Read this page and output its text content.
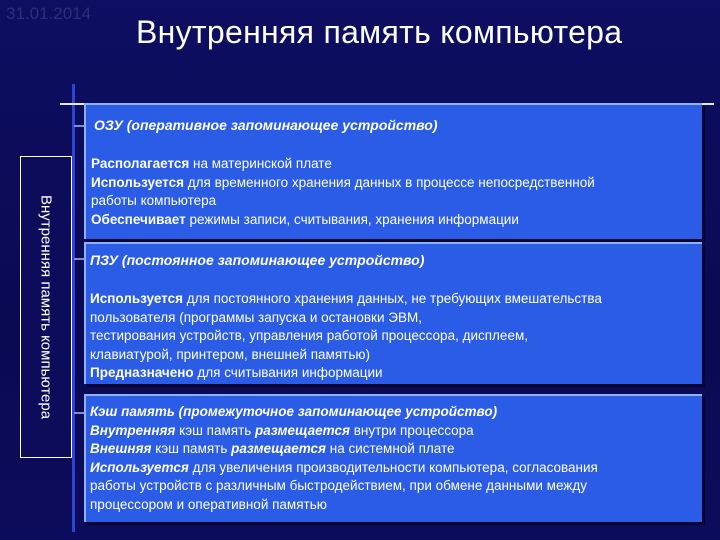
31.01.2014
Внутренняя память компьютера
Внутренняя память компьютера
ОЗУ (оперативное запоминающее устройство)
Располагается на материнской плате
Используется для временного хранения данных в процессе непосредственной
работы компьютера
Обеспечивает режимы записи, считывания, хранения информации
ПЗУ (постоянное запоминающее устройство)
Используется для постоянного хранения данных, не требующих вмешательства
пользователя (программы запуска и остановки ЭВМ,
тестирования устройств, управления работой процессора, дисплеем,
клавиатурой, принтером, внешней памятью)
Предназначено для считывания информации
Кэш память (промежуточное запоминающее устройство)
Внутренняя кэш память размещается внутри процессора
Внешняя кэш память размещается на системной плате
Используется для увеличения производительности компьютера, согласования
работы устройств с различным быстродействием, при обмене данными между
процессором и оперативной памятью
